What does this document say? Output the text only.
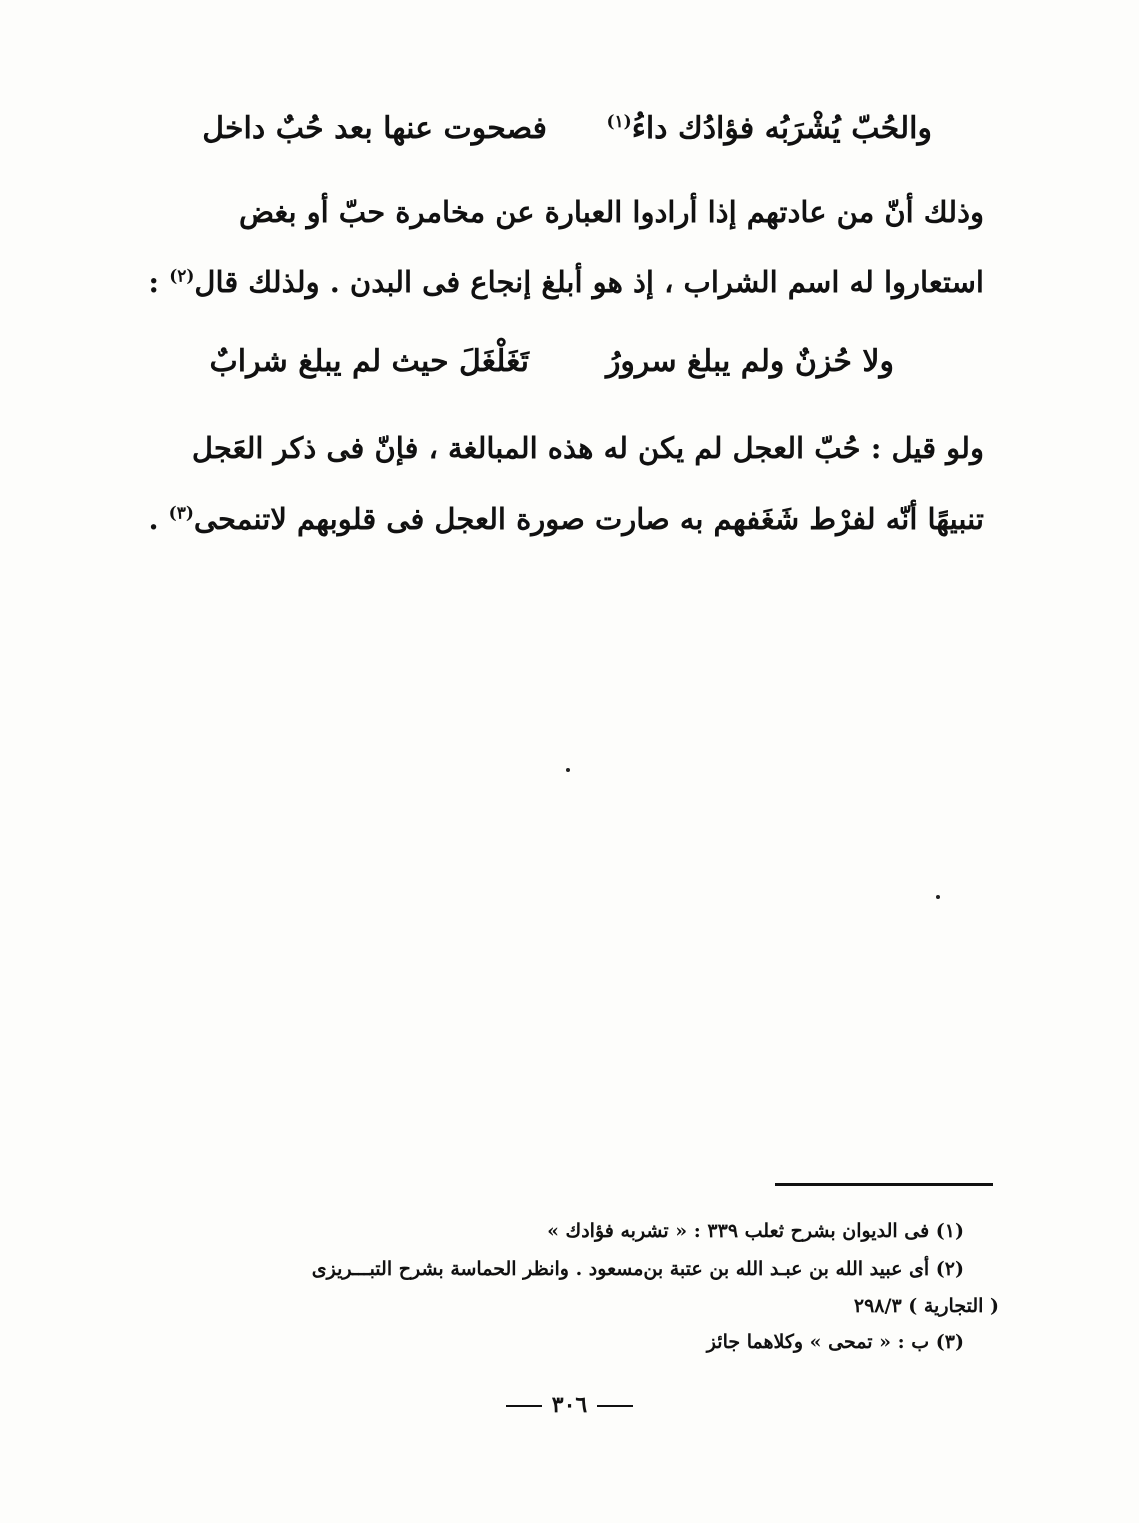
والحُبّ يُشْرَبُه فؤادُك داءُ$^{(١)}$
فصحوت عنها بعد حُبٌ داخل
وذلك أنّ من عادتهم إذا أرادوا العبارة عن مخامرة حبّ أو بغض
استعاروا له اسم الشراب ، إذ هو أبلغ إنجاع فى البدن . ولذلك قال$^{(٢)}$ :
ولا حُزنٌ ولم يبلغ سرورُ
تَغَلْغَلَ حيث لم يبلغ شرابٌ
ولو قيل : حُبّ العجل لم يكن له هذه المبالغة ، فإنّ فى ذكر العَجل
تنبيهًا أنّه لفرْط شَغَفهم به صارت صورة العجل فى قلوبهم لاتنمحى$^{(٣)}$ .
(١) فى الديوان بشرح ثعلب ٣٣٩ : « تشربه فؤادك »
(٢) أى عبيد الله بن عبـد الله بن عتبة بن‌مسعود . وانظر الحماسة بشرح التبـــريزى
( التجارية ) ٢٩٨/٣
(٣) ب : « تمحى » وكلاهما جائز
٣٠٦
